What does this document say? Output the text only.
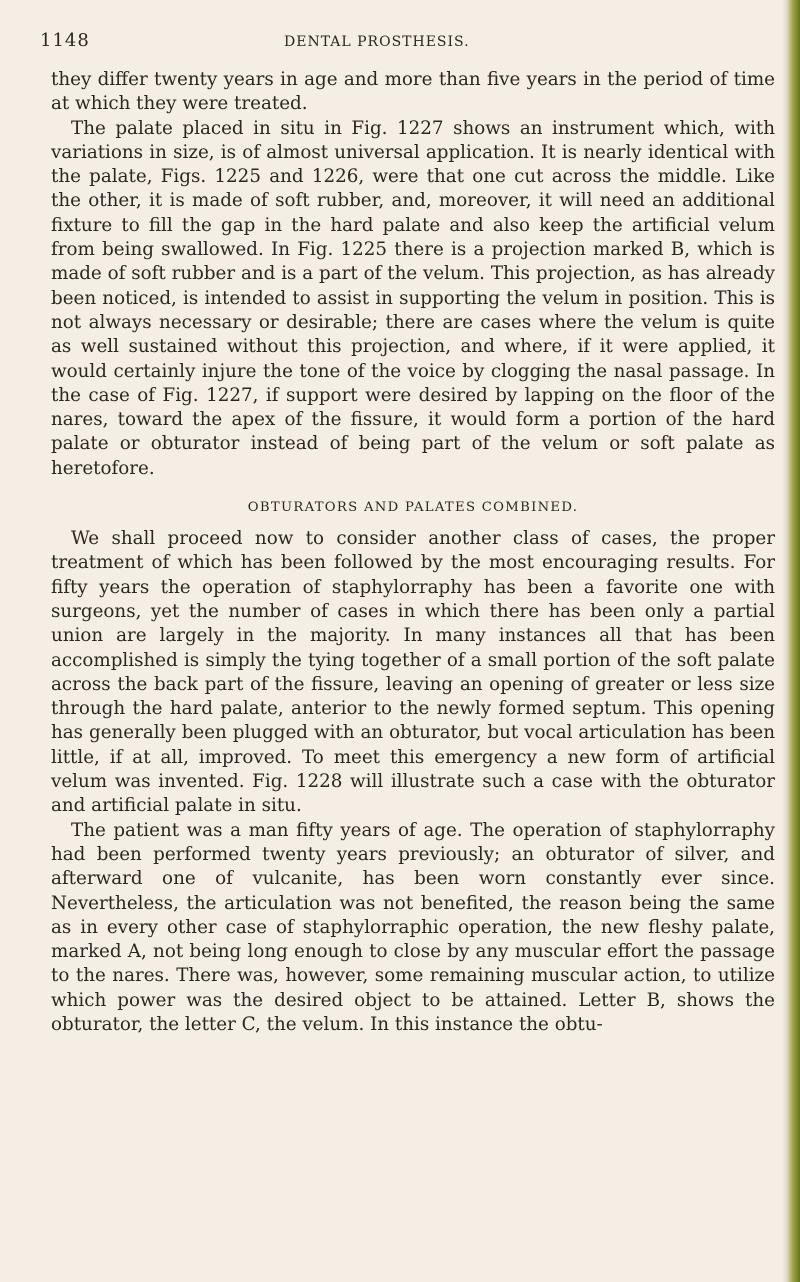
1148	DENTAL PROSTHESIS.

they differ twenty years in age and more than five years in the period of time at which they were treated.

The palate placed in situ in Fig. 1227 shows an instrument which, with variations in size, is of almost universal application. It is nearly identical with the palate, Figs. 1225 and 1226, were that one cut across the middle. Like the other, it is made of soft rubber, and, moreover, it will need an additional fixture to fill the gap in the hard palate and also keep the artificial velum from being swallowed. In Fig. 1225 there is a projection marked B, which is made of soft rubber and is a part of the velum. This projection, as has already been noticed, is intended to assist in supporting the velum in position. This is not always necessary or desirable; there are cases where the velum is quite as well sustained without this projection, and where, if it were applied, it would certainly injure the tone of the voice by clogging the nasal passage. In the case of Fig. 1227, if support were desired by lapping on the floor of the nares, toward the apex of the fissure, it would form a portion of the hard palate or obturator instead of being part of the velum or soft palate as heretofore.

OBTURATORS AND PALATES COMBINED.

We shall proceed now to consider another class of cases, the proper treatment of which has been followed by the most encouraging results. For fifty years the operation of staphylorraphy has been a favorite one with surgeons, yet the number of cases in which there has been only a partial union are largely in the majority. In many instances all that has been accomplished is simply the tying together of a small portion of the soft palate across the back part of the fissure, leaving an opening of greater or less size through the hard palate, anterior to the newly formed septum. This opening has generally been plugged with an obturator, but vocal articulation has been little, if at all, improved. To meet this emergency a new form of artificial velum was invented. Fig. 1228 will illustrate such a case with the obturator and artificial palate in situ.

The patient was a man fifty years of age. The operation of staphylorraphy had been performed twenty years previously; an obturator of silver, and afterward one of vulcanite, has been worn constantly ever since. Nevertheless, the articulation was not benefited, the reason being the same as in every other case of staphylorraphic operation, the new fleshy palate, marked A, not being long enough to close by any muscular effort the passage to the nares. There was, however, some remaining muscular action, to utilize which power was the desired object to be attained. Letter B, shows the obturator, the letter C, the velum. In this instance the obtu-
